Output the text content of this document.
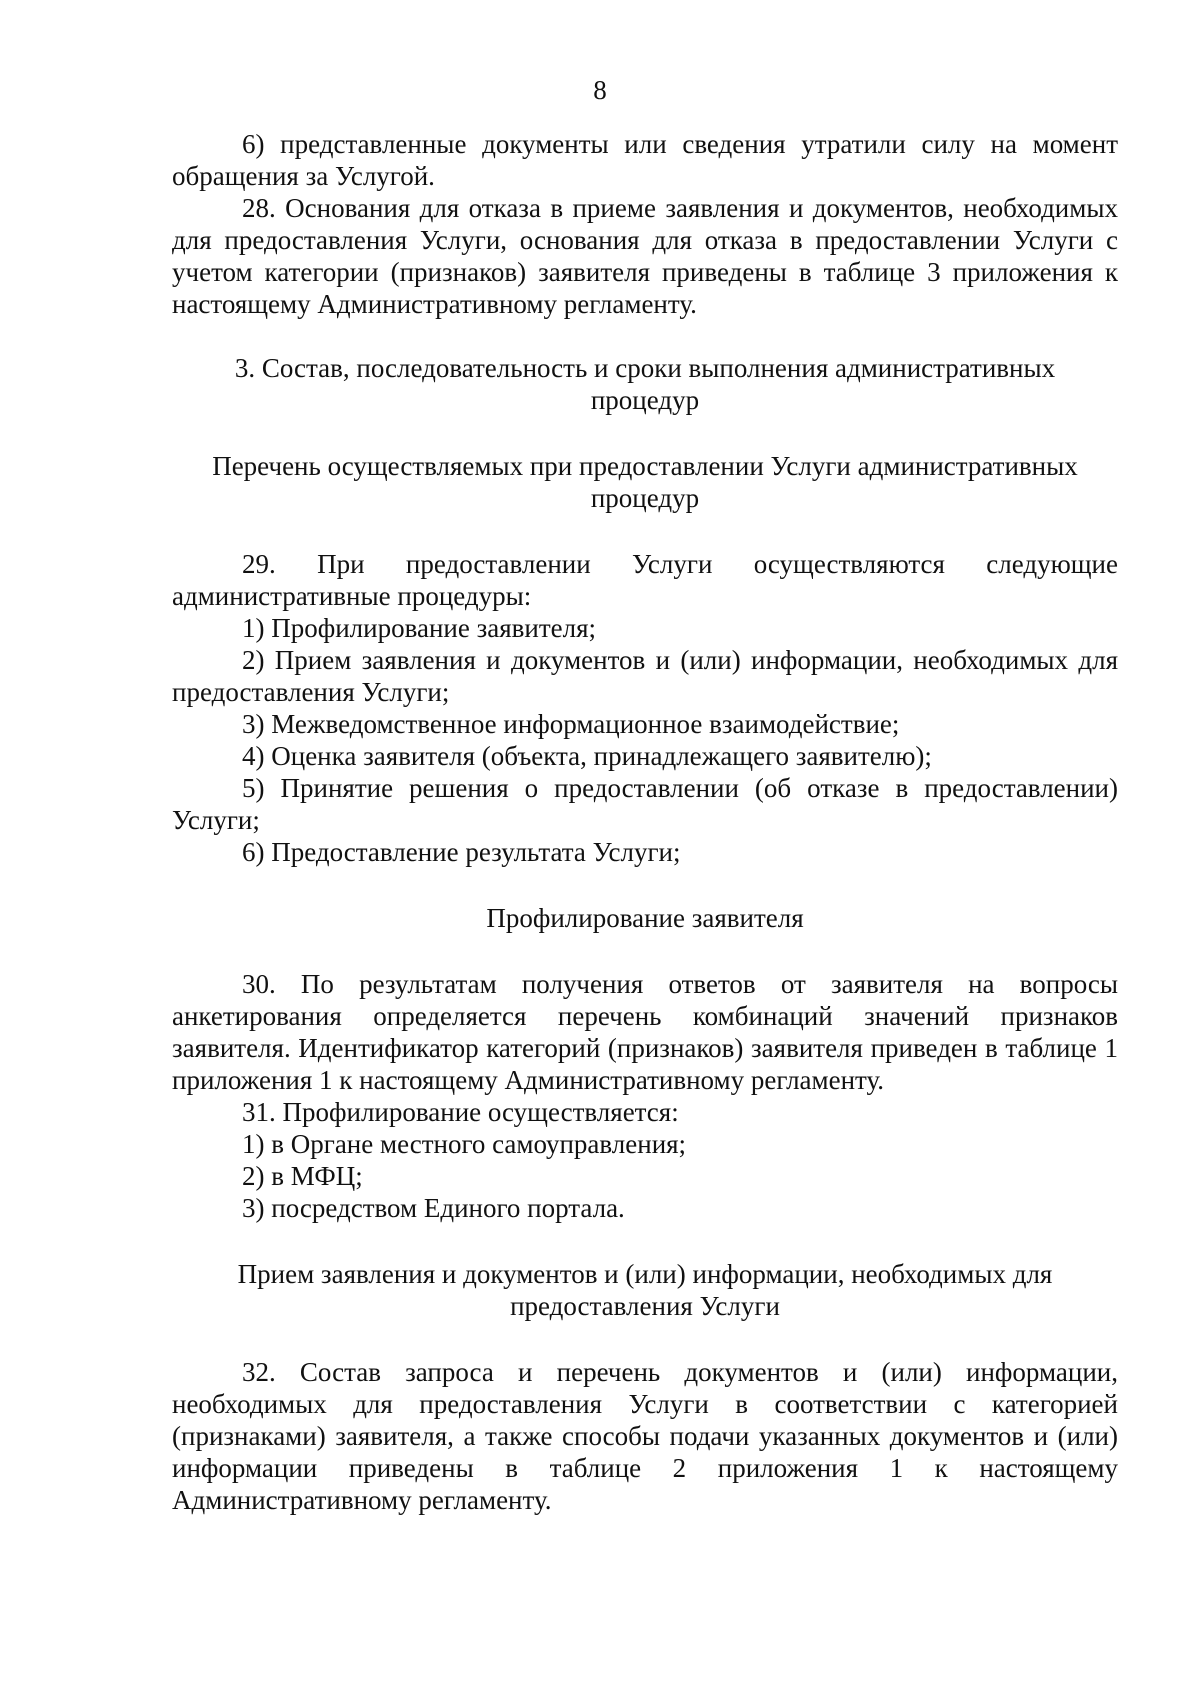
8

6) представленные документы или сведения утратили силу на момент обращения за Услугой.

28. Основания для отказа в приеме заявления и документов, необходимых для предоставления Услуги, основания для отказа в предоставлении Услуги с учетом категории (признаков) заявителя приведены в таблице 3 приложения к настоящему Административному регламенту.

3. Состав, последовательность и сроки выполнения административных
процедур
Перечень осуществляемых при предоставлении Услуги административных
процедур

29. При предоставлении Услуги осуществляются следующие административные процедуры:

1) Профилирование заявителя;
2) Прием заявления и документов и (или) информации, необходимых для предоставления Услуги;
3) Межведомственное информационное взаимодействие;
4) Оценка заявителя (объекта, принадлежащего заявителю);
5) Принятие решения о предоставлении (об отказе в предоставлении) Услуги;
6) Предоставление результата Услуги;
Профилирование заявителя

30. По результатам получения ответов от заявителя на вопросы анкетирования определяется перечень комбинаций значений признаков заявителя. Идентификатор категорий (признаков) заявителя приведен в таблице 1 приложения 1 к настоящему Административному регламенту.

31. Профилирование осуществляется:

1) в Органе местного самоуправления;
2) в МФЦ;
3) посредством Единого портала.
Прием заявления и документов и (или) информации, необходимых для
предоставления Услуги

32. Состав запроса и перечень документов и (или) информации, необходимых для предоставления Услуги в соответствии с категорией (признаками) заявителя, а также способы подачи указанных документов и (или) информации приведены в таблице 2 приложения 1 к настоящему Административному регламенту.
